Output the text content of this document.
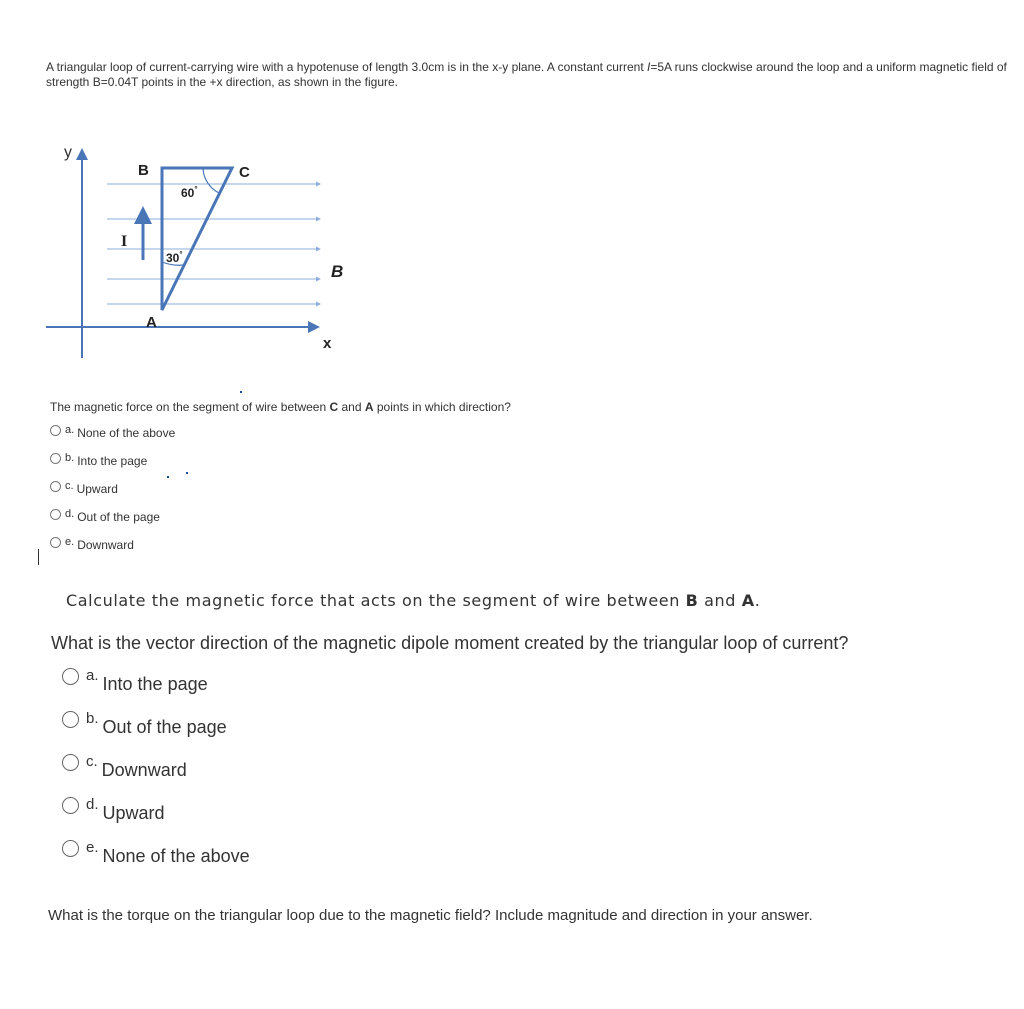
A triangular loop of current-carrying wire with a hypotenuse of length 3.0cm is in the x-y plane. A constant current I=5A runs clockwise around the loop and a uniform magnetic field of strength B=0.04T points in the +x direction, as shown in the figure.
y
x
B	C
A
60°
30°
I
B
The magnetic force on the segment of wire between C and A points in which direction?
a. None of the above
b. Into the page
c. Upward
d. Out of the page
e. Downward
Calculate the magnetic force that acts on the segment of wire between B and A.
What is the vector direction of the magnetic dipole moment created by the triangular loop of current?
a. Into the page
b. Out of the page
c. Downward
d. Upward
e. None of the above
What is the torque on the triangular loop due to the magnetic field? Include magnitude and direction in your answer.
